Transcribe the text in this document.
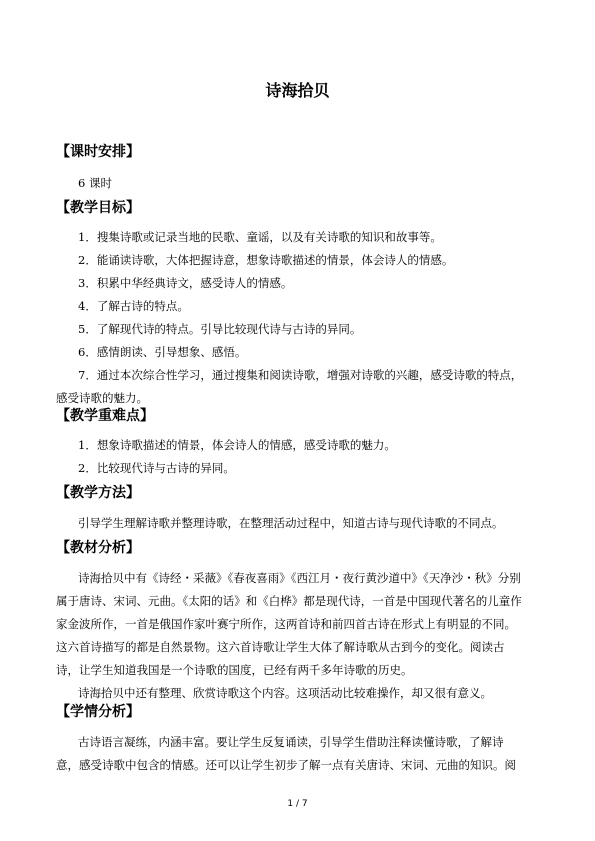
诗海拾贝
【课时安排】
6 课时
【教学目标】
1．搜集诗歌或记录当地的民歌、童谣，以及有关诗歌的知识和故事等。
2．能诵读诗歌，大体把握诗意，想象诗歌描述的情景，体会诗人的情感。
3．积累中华经典诗文，感受诗人的情感。
4．了解古诗的特点。
5．了解现代诗的特点。引导比较现代诗与古诗的异同。
6．感情朗读、引导想象、感悟。
7．通过本次综合性学习，通过搜集和阅读诗歌，增强对诗歌的兴趣，感受诗歌的特点，
感受诗歌的魅力。
【教学重难点】
1．想象诗歌描述的情景，体会诗人的情感，感受诗歌的魅力。
2．比较现代诗与古诗的异同。
【教学方法】
引导学生理解诗歌并整理诗歌，在整理活动过程中，知道古诗与现代诗歌的不同点。
【教材分析】
诗海拾贝中有《诗经・采薇》《春夜喜雨》《西江月・夜行黄沙道中》《天净沙・秋》分别
属于唐诗、宋词、元曲。《太阳的话》和《白桦》都是现代诗，一首是中国现代著名的儿童作
家金波所作，一首是俄国作家叶赛宁所作，这两首诗和前四首古诗在形式上有明显的不同。
这六首诗描写的都是自然景物。这六首诗歌让学生大体了解诗歌从古到今的变化。阅读古
诗，让学生知道我国是一个诗歌的国度，已经有两千多年诗歌的历史。
诗海拾贝中还有整理、欣赏诗歌这个内容。这项活动比较难操作，却又很有意义。
【学情分析】
古诗语言凝练，内涵丰富。要让学生反复诵读，引导学生借助注释读懂诗歌，了解诗
意，感受诗歌中包含的情感。还可以让学生初步了解一点有关唐诗、宋词、元曲的知识。阅
1 / 7
